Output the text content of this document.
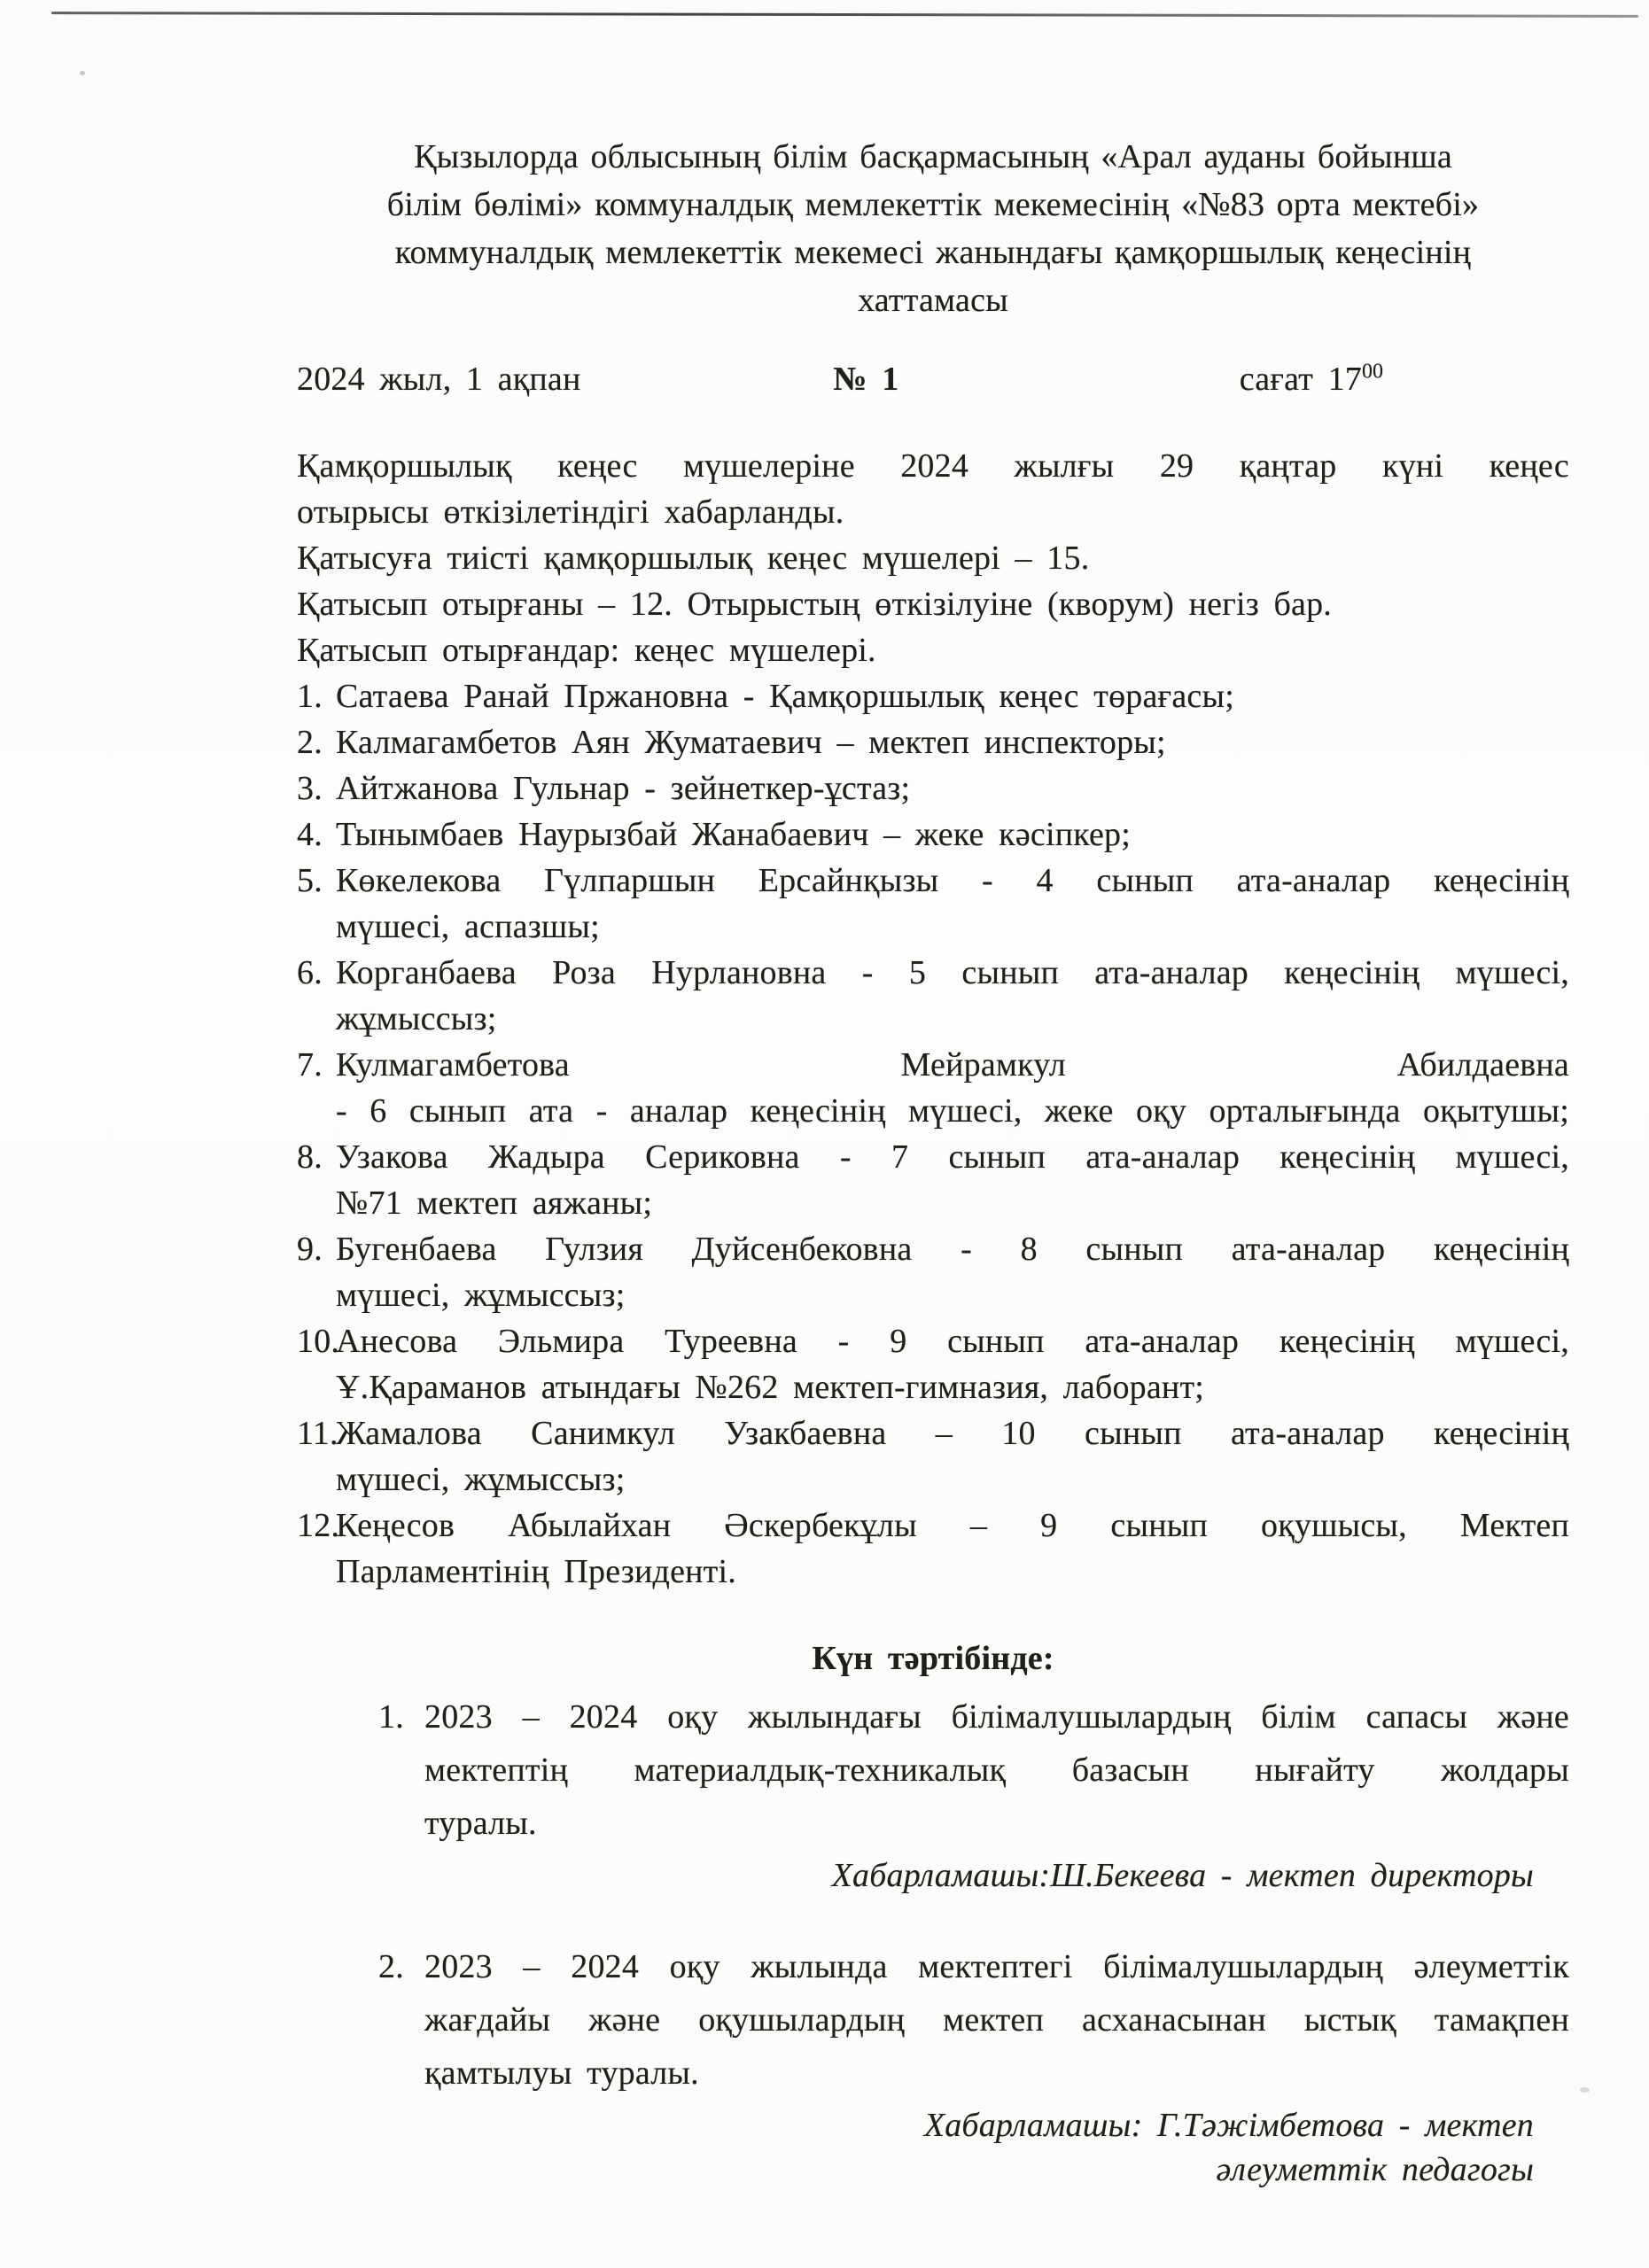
Қызылорда облысының білім басқармасының «Арал ауданы бойынша
білім бөлімі» коммуналдық мемлекеттік мекемесінің «№83 орта мектебі»
коммуналдық мемлекеттік мекемесі жанындағы қамқоршылық кеңесінің
хаттамасы
2024 жыл, 1 ақпан	№ 1	сағат $17^{00}$
Қамқоршылық кеңес мүшелеріне 2024 жылғы 29 қаңтар күні кеңес
отырысы өткізілетіндігі хабарланды.
Қатысуға тиісті қамқоршылық кеңес мүшелері – 15.
Қатысып отырғаны – 12. Отырыстың өткізілуіне (кворум) негіз бар.
Қатысып отырғандар: кеңес мүшелері.
1. Сатаева Ранай Пржановна - Қамқоршылық кеңес төрағасы;
2. Калмагамбетов Аян Жуматаевич – мектеп инспекторы;
3. Айтжанова Гульнар - зейнеткер-ұстаз;
4. Тынымбаев Наурызбай Жанабаевич – жеке кәсіпкер;
5. Көкелекова Гүлпаршын Ерсайнқызы - 4 сынып ата-аналар кеңесінің
мүшесі, аспазшы;
6. Корганбаева Роза Нурлановна - 5 сынып ата-аналар кеңесінің мүшесі,
жұмыссыз;
7. Кулмагамбетова Мейрамкул Абилдаевна
- 6 сынып ата - аналар кеңесінің мүшесі, жеке оқу орталығында оқытушы;
8. Узакова Жадыра Сериковна - 7 сынып ата-аналар кеңесінің мүшесі,
№71 мектеп аяжаны;
9. Бугенбаева Гулзия Дуйсенбековна - 8 сынып ата-аналар кеңесінің
мүшесі, жұмыссыз;
10.Анесова Эльмира Туреевна - 9 сынып ата-аналар кеңесінің мүшесі,
Ұ.Қараманов атындағы №262 мектеп-гимназия, лаборант;
11.Жамалова Санимкул Узакбаевна – 10 сынып ата-аналар кеңесінің
мүшесі, жұмыссыз;
12.Кеңесов Абылайхан Әскербекұлы – 9 сынып оқушысы, Мектеп
Парламентінің Президенті.
Күн тәртібінде:
1. 2023 – 2024 оқу жылындағы білімалушылардың білім сапасы және
мектептің материалдық-техникалық базасын нығайту жолдары
туралы.
Хабарламашы:Ш.Бекеева - мектеп директоры
2. 2023 – 2024 оқу жылында мектептегі білімалушылардың әлеуметтік
жағдайы және оқушылардың мектеп асханасынан ыстық тамақпен
қамтылуы туралы.
Хабарламашы: Г.Тәжімбетова - мектеп әлеуметтік педагогы
